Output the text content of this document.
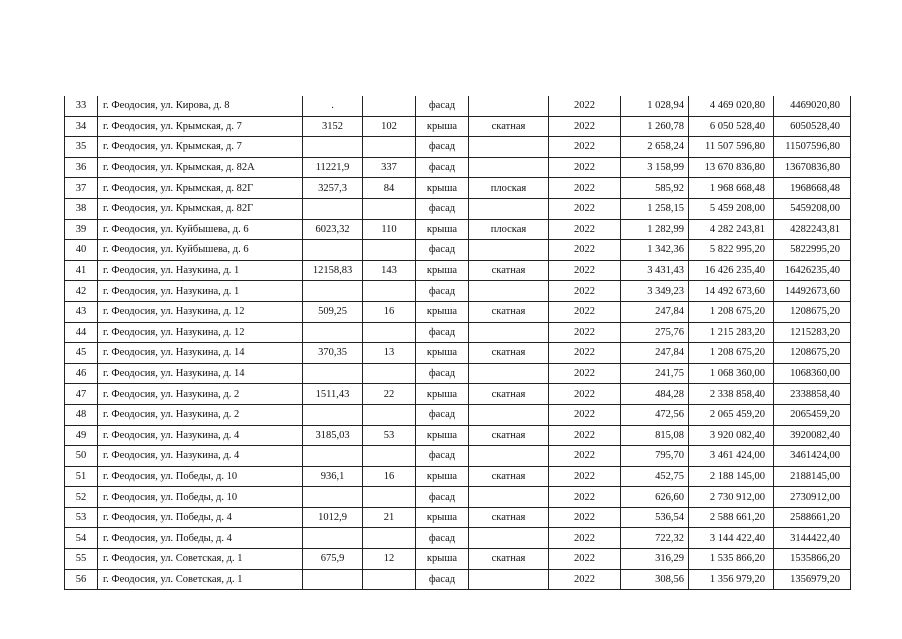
33	г. Феодосия, ул. Кирова, д. 8	.		фасад		2022	1 028,94	4 469 020,80	4469020,80
34	г. Феодосия, ул. Крымская, д. 7	3152	102	крыша	скатная	2022	1 260,78	6 050 528,40	6050528,40
35	г. Феодосия, ул. Крымская, д. 7			фасад		2022	2 658,24	11 507 596,80	11507596,80
36	г. Феодосия, ул. Крымская, д. 82А	11221,9	337	фасад		2022	3 158,99	13 670 836,80	13670836,80
37	г. Феодосия, ул. Крымская, д. 82Г	3257,3	84	крыша	плоская	2022	585,92	1 968 668,48	1968668,48
38	г. Феодосия, ул. Крымская, д. 82Г			фасад		2022	1 258,15	5 459 208,00	5459208,00
39	г. Феодосия, ул. Куйбышева, д. 6	6023,32	110	крыша	плоская	2022	1 282,99	4 282 243,81	4282243,81
40	г. Феодосия, ул. Куйбышева, д. 6			фасад		2022	1 342,36	5 822 995,20	5822995,20
41	г. Феодосия, ул. Назукина, д. 1	12158,83	143	крыша	скатная	2022	3 431,43	16 426 235,40	16426235,40
42	г. Феодосия, ул. Назукина, д. 1			фасад		2022	3 349,23	14 492 673,60	14492673,60
43	г. Феодосия, ул. Назукина, д. 12	509,25	16	крыша	скатная	2022	247,84	1 208 675,20	1208675,20
44	г. Феодосия, ул. Назукина, д. 12			фасад		2022	275,76	1 215 283,20	1215283,20
45	г. Феодосия, ул. Назукина, д. 14	370,35	13	крыша	скатная	2022	247,84	1 208 675,20	1208675,20
46	г. Феодосия, ул. Назукина, д. 14			фасад		2022	241,75	1 068 360,00	1068360,00
47	г. Феодосия, ул. Назукина, д. 2	1511,43	22	крыша	скатная	2022	484,28	2 338 858,40	2338858,40
48	г. Феодосия, ул. Назукина, д. 2			фасад		2022	472,56	2 065 459,20	2065459,20
49	г. Феодосия, ул. Назукина, д. 4	3185,03	53	крыша	скатная	2022	815,08	3 920 082,40	3920082,40
50	г. Феодосия, ул. Назукина, д. 4			фасад		2022	795,70	3 461 424,00	3461424,00
51	г. Феодосия, ул. Победы, д. 10	936,1	16	крыша	скатная	2022	452,75	2 188 145,00	2188145,00
52	г. Феодосия, ул. Победы, д. 10			фасад		2022	626,60	2 730 912,00	2730912,00
53	г. Феодосия, ул. Победы, д. 4	1012,9	21	крыша	скатная	2022	536,54	2 588 661,20	2588661,20
54	г. Феодосия, ул. Победы, д. 4			фасад		2022	722,32	3 144 422,40	3144422,40
55	г. Феодосия, ул. Советская, д. 1	675,9	12	крыша	скатная	2022	316,29	1 535 866,20	1535866,20
56	г. Феодосия, ул. Советская, д. 1			фасад		2022	308,56	1 356 979,20	1356979,20
